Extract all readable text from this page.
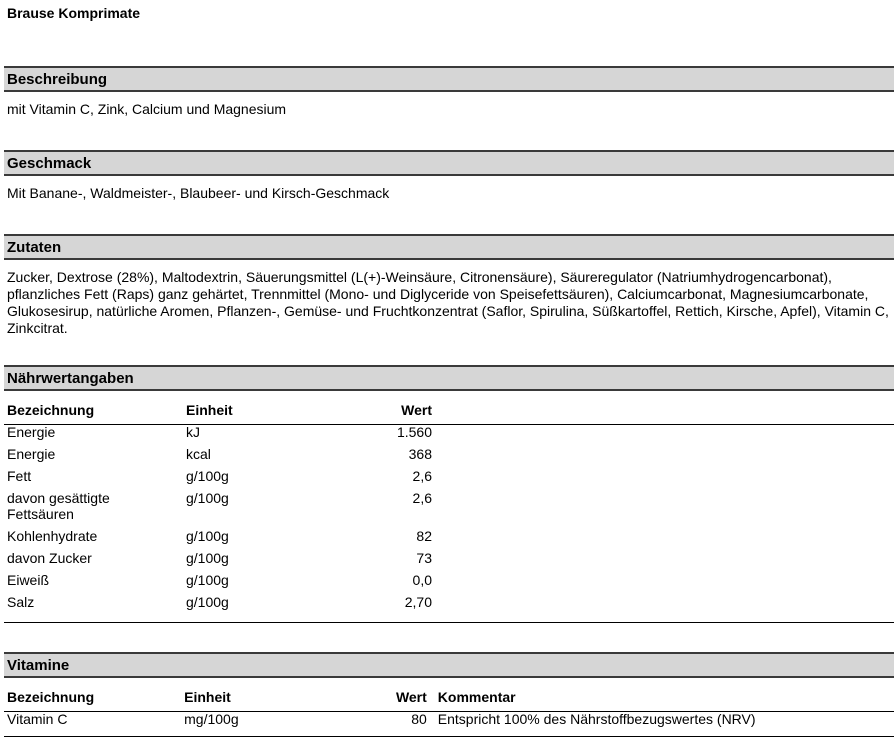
Brause Komprimate
Beschreibung
mit Vitamin C, Zink, Calcium und Magnesium
Geschmack
Mit Banane-, Waldmeister-, Blaubeer- und Kirsch-Geschmack
Zutaten
Zucker, Dextrose (28%), Maltodextrin, Säuerungsmittel (L(+)-Weinsäure, Citronensäure), Säureregulator (Natriumhydrogencarbonat), pflanzliches Fett (Raps) ganz gehärtet, Trennmittel (Mono- und Diglyceride von Speisefettsäuren), Calciumcarbonat, Magnesiumcarbonate, Glukosesirup, natürliche Aromen, Pflanzen-, Gemüse- und Fruchtkonzentrat (Saflor, Spirulina, Süßkartoffel, Rettich, Kirsche, Apfel), Vitamin C, Zinkcitrat.
Nährwertangaben
Bezeichnung	Einheit	Wert
Energie	kJ	1.560
Energie	kcal	368
Fett	g/100g	2,6
davon gesättigte Fettsäuren	g/100g	2,6
Kohlenhydrate	g/100g	82
davon Zucker	g/100g	73
Eiweiß	g/100g	0,0
Salz	g/100g	2,70
Vitamine
Bezeichnung	Einheit	Wert	Kommentar
Vitamin C	mg/100g	80	Entspricht 100% des Nährstoffbezugswertes (NRV)
